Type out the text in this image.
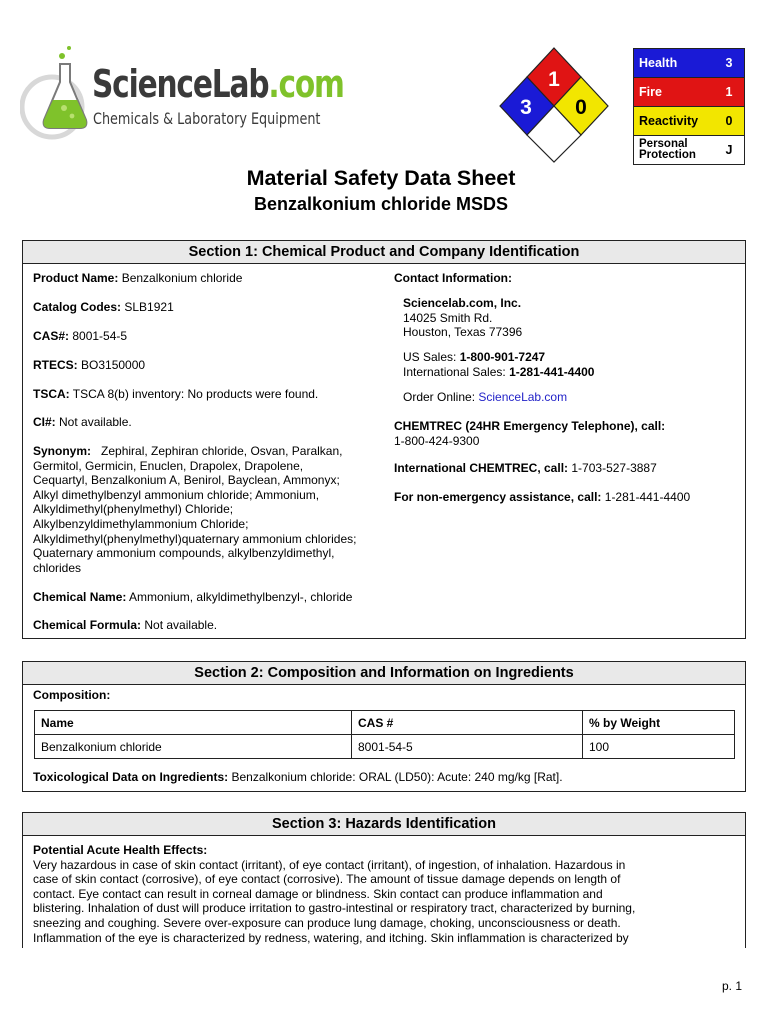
ScienceLab.com
Chemicals & Laboratory Equipment
1
3 0
Health	3
Fire	1
Reactivity	0
Personal Protection	J
Material Safety Data Sheet
Benzalkonium chloride MSDS
Section 1: Chemical Product and Company Identification
Product Name: Benzalkonium chloride
Catalog Codes: SLB1921
CAS#: 8001-54-5
RTECS: BO3150000
TSCA: TSCA 8(b) inventory: No products were found.
CI#: Not available.
Synonym: Zephiral, Zephiran chloride, Osvan, Paralkan,
Germitol, Germicin, Enuclen, Drapolex, Drapolene,
Cequartyl, Benzalkonium A, Benirol, Bayclean, Ammonyx;
Alkyl dimethylbenzyl ammonium chloride; Ammonium,
Alkyldimethyl(phenylmethyl) Chloride;
Alkylbenzyldimethylammonium Chloride;
Alkyldimethyl(phenylmethyl)quaternary ammonium chlorides;
Quaternary ammonium compounds, alkylbenzyldimethyl,
chlorides
Chemical Name: Ammonium, alkyldimethylbenzyl-, chloride
Chemical Formula: Not available.
Contact Information:
Sciencelab.com, Inc.
14025 Smith Rd.
Houston, Texas 77396
US Sales: 1-800-901-7247
International Sales: 1-281-441-4400
Order Online: ScienceLab.com
CHEMTREC (24HR Emergency Telephone), call:
1-800-424-9300
International CHEMTREC, call: 1-703-527-3887
For non-emergency assistance, call: 1-281-441-4400
Section 2: Composition and Information on Ingredients
Composition:
Name	CAS #	% by Weight
Benzalkonium chloride	8001-54-5	100
Toxicological Data on Ingredients: Benzalkonium chloride: ORAL (LD50): Acute: 240 mg/kg [Rat].
Section 3: Hazards Identification
Potential Acute Health Effects:
Very hazardous in case of skin contact (irritant), of eye contact (irritant), of ingestion, of inhalation. Hazardous in
case of skin contact (corrosive), of eye contact (corrosive). The amount of tissue damage depends on length of
contact. Eye contact can result in corneal damage or blindness. Skin contact can produce inflammation and
blistering. Inhalation of dust will produce irritation to gastro-intestinal or respiratory tract, characterized by burning,
sneezing and coughing. Severe over-exposure can produce lung damage, choking, unconsciousness or death.
Inflammation of the eye is characterized by redness, watering, and itching. Skin inflammation is characterized by
p. 1
